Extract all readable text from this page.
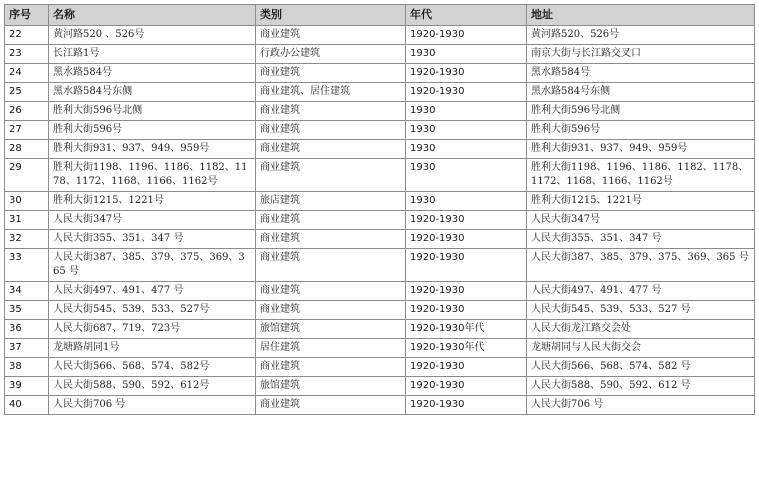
序号	名称	类别	年代	地址
22	黄河路520 、526号	商业建筑	1920-1930	黄河路520、526号
23	长江路1号	行政办公建筑	1930	南京大街与长江路交叉口
24	黑水路584号	商业建筑	1920-1930	黑水路584号
25	黑水路584号东侧	商业建筑、居住建筑	1920-1930	黑水路584号东侧
26	胜利大街596号北侧	商业建筑	1930	胜利大街596号北侧
27	胜利大街596号	商业建筑	1930	胜利大街596号
28	胜利大街931、937、949、959号	商业建筑	1930	胜利大街931、937、949、959号
29	胜利大街1198、1196、1186、1182、1178、1172、1168、1166、1162号	商业建筑	1930	胜利大街1198、1196、1186、1182、1178、1172、1168、1166、1162号
30	胜利大街1215、1221号	旅店建筑	1930	胜利大街1215、1221号
31	人民大街347号	商业建筑	1920-1930	人民大街347号
32	人民大街355、351、347 号	商业建筑	1920-1930	人民大街355、351、347 号
33	人民大街387、385、379、375、369、365 号	商业建筑	1920-1930	人民大街387、385、379、375、369、365 号
34	人民大街497、491、477 号	商业建筑	1920-1930	人民大街497、491、477 号
35	人民大街545、539、533、527号	商业建筑	1920-1930	人民大街545、539、533、527 号
36	人民大街687、719、723号	旅馆建筑	1920-1930年代	人民大街龙江路交会处
37	龙塘路胡同1号	居住建筑	1920-1930年代	龙塘胡同与人民大街交会
38	人民大街566、568、574、582号	商业建筑	1920-1930	人民大街566、568、574、582 号
39	人民大街588、590、592、612号	旅馆建筑	1920-1930	人民大街588、590、592、612 号
40	人民大街706 号	商业建筑	1920-1930	人民大街706 号
